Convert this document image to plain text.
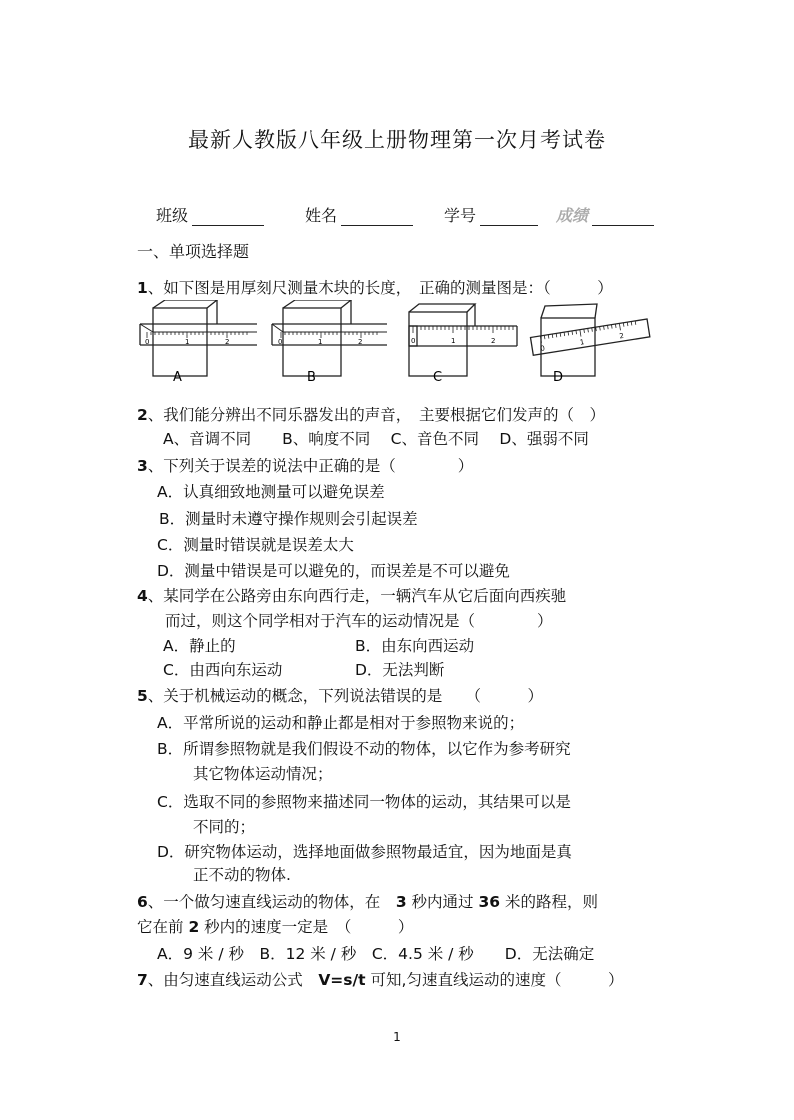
最新人教版八年级上册物理第一次月考试卷
班级	姓名	学号	成绩
一、单项选择题
1、如下图是用厚刻尺测量木块的长度，　正确的测量图是：（　　　）
0	1	2
A
0	1	2
B
0	1	2
C
0
1
2
D
2、我们能分辨出不同乐器发出的声音，　主要根据它们发声的（　）
A、音调不同　　B、响度不同　 C、音色不同　 D、强弱不同
3、下列关于误差的说法中正确的是（　　　　）
A．认真细致地测量可以避免误差
B．测量时未遵守操作规则会引起误差
C．测量时错误就是误差太大
D．测量中错误是可以避免的，而误差是不可以避免
4、某同学在公路旁由东向西行走，一辆汽车从它后面向西疾驰
而过，则这个同学相对于汽车的运动情况是（　　　　）
A．静止的	B．由东向西运动
C．由西向东运动	D．无法判断
5、关于机械运动的概念，下列说法错误的是　　（　　　）
A．平常所说的运动和静止都是相对于参照物来说的；
B．所谓参照物就是我们假设不动的物体，以它作为参考研究
其它物体运动情况；
C．选取不同的参照物来描述同一物体的运动，其结果可以是
不同的；
D．研究物体运动，选择地面做参照物最适宜，因为地面是真
正不动的物体.
6、一个做匀速直线运动的物体，在　3 秒内通过 36 米的路程，则
它在前 2 秒内的速度一定是　（　　　）
A．9 米 / 秒　B．12 米 / 秒　C．4.5 米 / 秒　　D．无法确定
7、由匀速直线运动公式　V=s/t 可知,匀速直线运动的速度（　　　）
1
